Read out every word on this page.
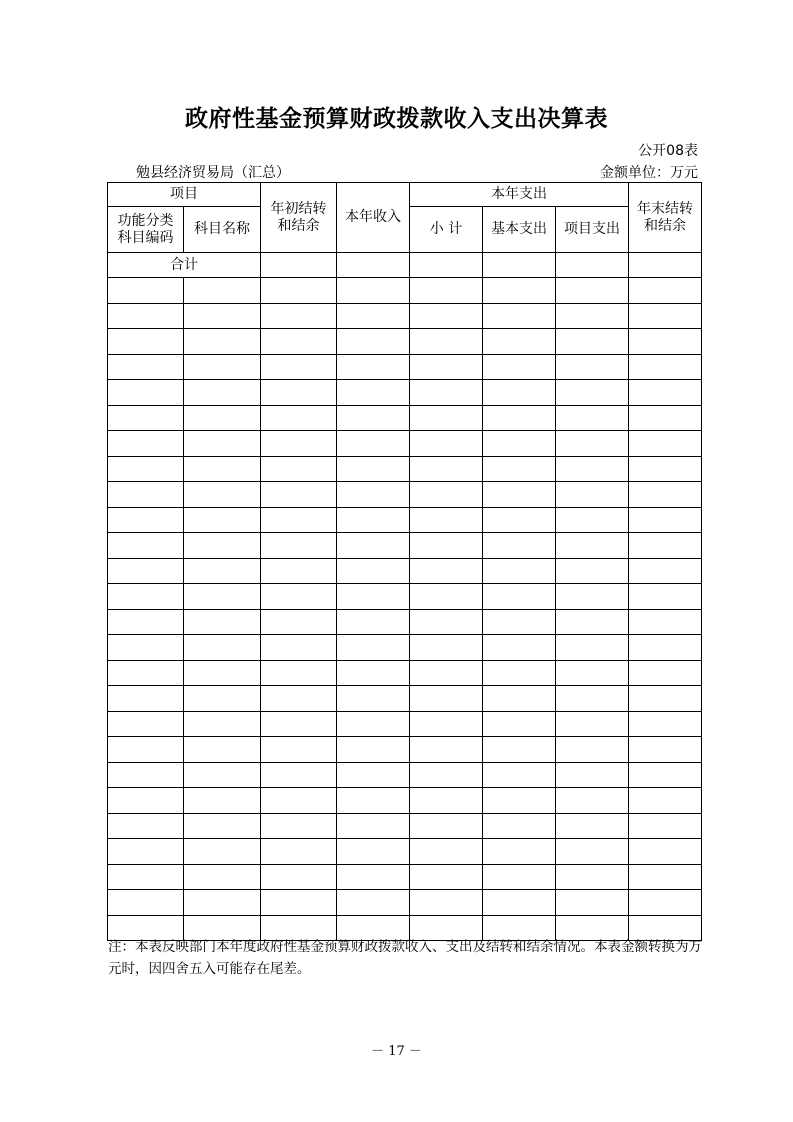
政府性基金预算财政拨款收入支出决算表
公开08表
勉县经济贸易局（汇总）	金额单位：万元
项目		年初结转和结余	本年收入	本年支出			年末结转和结余

功能分类科目编码	科目名称			小 计	基本支出	项目支出	
合计							

注：本表反映部门本年度政府性基金预算财政拨款收入、支出及结转和结余情况。本表金额转换为万元时，因四舍五入可能存在尾差。
－ 17 －
